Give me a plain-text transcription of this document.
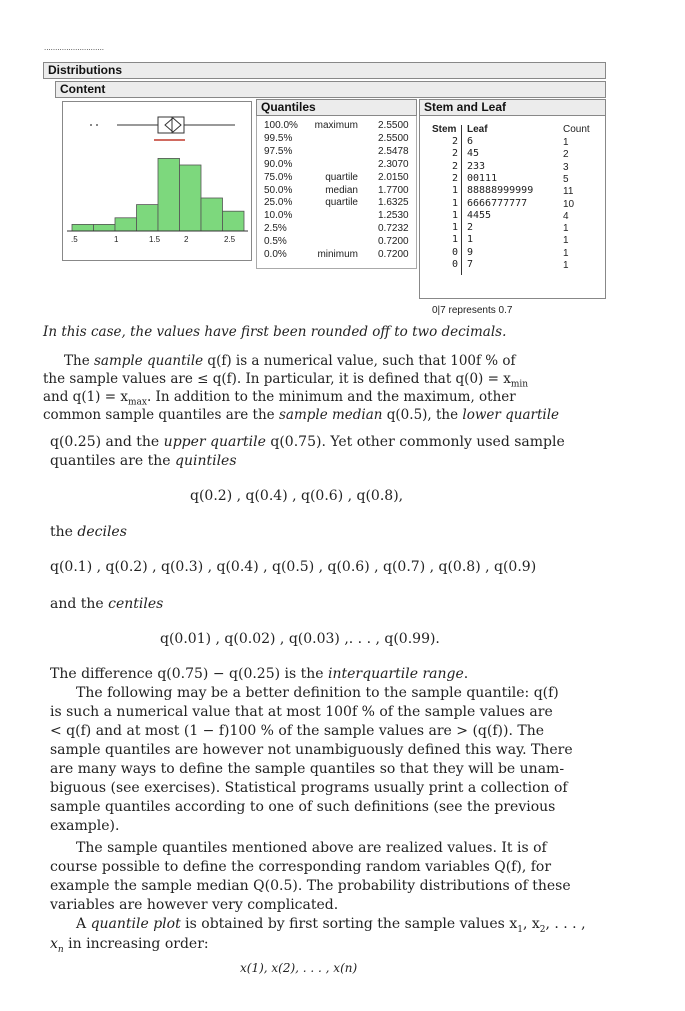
...........................
Distributions
Content
.5	1	1.5	2	2.5
Quantiles
100.0%	maximum 2.5500
99.5%	2.5500
97.5%	2.5478
90.0%	2.3070
75.0%	quartile 2.0150
50.0%	median 1.7700
25.0%	quartile 1.6325
10.0%	1.2530
2.5%	0.7232
0.5%	0.7200
0.0%	minimum 0.7200
Stem and Leaf
Stem Leaf	Count
2 6	1
2 45	2
2 233	3
2 00111	5
1 88888999999	11
1 6666777777	10
1 4455	4
1 2	1
1 1	1
0 9	1
0 7	1
0|7 represents 0.7
In this case, the values have first been rounded off to two decimals.
The sample quantile q(f) is a numerical value, such that 100f % of
the sample values are ≤ q(f). In particular, it is defined that $q(0) = x_{min}$
and $q(1) = x_{max}$. In addition to the minimum and the maximum, other
common sample quantiles are the sample median q(0.5), the lower quartile
q(0.25) and the upper quartile q(0.75). Yet other commonly used sample
quantiles are the quintiles
q(0.2) , q(0.4) , q(0.6) , q(0.8),
the deciles
q(0.1) , q(0.2) , q(0.3) , q(0.4) , q(0.5) , q(0.6) , q(0.7) , q(0.8) , q(0.9)
and the centiles
q(0.01) , q(0.02) , q(0.03) ,. . . , q(0.99).
The difference q(0.75) − q(0.25) is the interquartile range.
The following may be a better definition to the sample quantile: q(f)
is such a numerical value that at most 100f % of the sample values are
< q(f) and at most (1 − f)100 % of the sample values are > (q(f)). The
sample quantiles are however not unambiguously defined this way. There
are many ways to define the sample quantiles so that they will be unam-
biguous (see exercises). Statistical programs usually print a collection of
sample quantiles according to one of such definitions (see the previous
example).
The sample quantiles mentioned above are realized values. It is of
course possible to define the corresponding random variables Q(f), for
example the sample median Q(0.5). The probability distributions of these
variables are however very complicated.
A quantile plot is obtained by first sorting the sample values $x_1$, $x_2$, . . . ,
$x_n$ in increasing order:
x(1), x(2), . . . , x(n)
